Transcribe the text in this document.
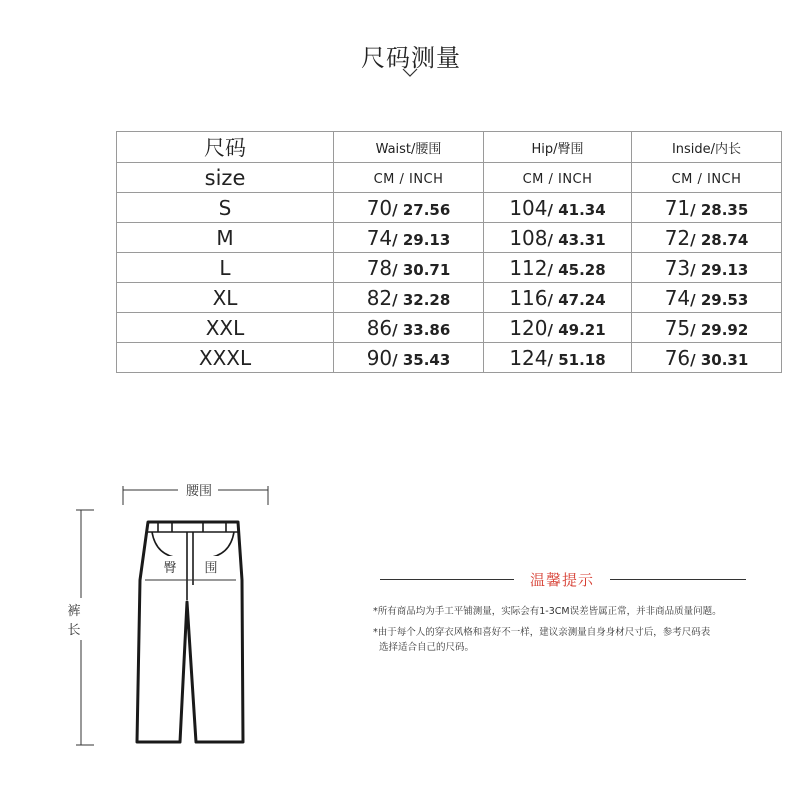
尺码测量
尺码	Waist/腰围	Hip/臀围	Inside/内长
size	CM / INCH	CM / INCH	CM / INCH
S	70/ 27.56	104/ 41.34	71/ 28.35
M	74/ 29.13	108/ 43.31	72/ 28.74
L	78/ 30.71	112/ 45.28	73/ 29.13
XL	82/ 32.28	116/ 47.24	74/ 29.53
XXL	86/ 33.86	120/ 49.21	75/ 29.92
XXXL	90/ 35.43	124/ 51.18	76/ 30.31
腰围
裤
长
臀 围
温馨提示
*所有商品均为手工平铺测量，实际会有1-3CM误差皆属正常，并非商品质量问题。
*由于每个人的穿衣风格和喜好不一样，建议亲测量自身身材尺寸后，参考尺码表
选择适合自己的尺码。
